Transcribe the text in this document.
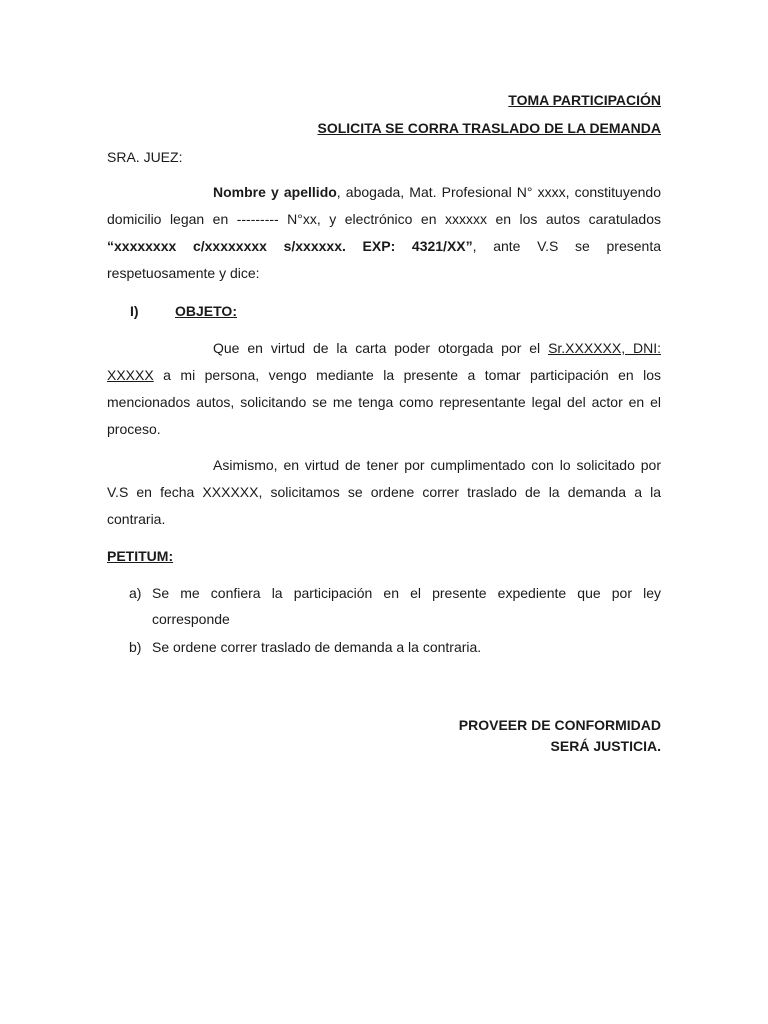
TOMA PARTICIPACIÓN
SOLICITA SE CORRA TRASLADO DE LA DEMANDA
SRA. JUEZ:

Nombre y apellido, abogada, Mat. Profesional N° xxxx, constituyendo domicilio legan en --------- N°xx, y electrónico en xxxxxx en los autos caratulados “xxxxxxxx c/xxxxxxxx s/xxxxxx. EXP: 4321/XX”, ante V.S se presenta respetuosamente y dice:

I)	OBJETO:

Que en virtud de la carta poder otorgada por el Sr.XXXXXX, DNI: XXXXX a mi persona, vengo mediante la presente a tomar participación en los mencionados autos, solicitando se me tenga como representante legal del actor en el proceso.

Asimismo, en virtud de tener por cumplimentado con lo solicitado por V.S en fecha XXXXXX, solicitamos se ordene correr traslado de la demanda a la contraria.

PETITUM:
a) Se me confiera la participación en el presente expediente que por ley corresponde
b) Se ordene correr traslado de demanda a la contraria.
PROVEER DE CONFORMIDAD
SERÁ JUSTICIA.
